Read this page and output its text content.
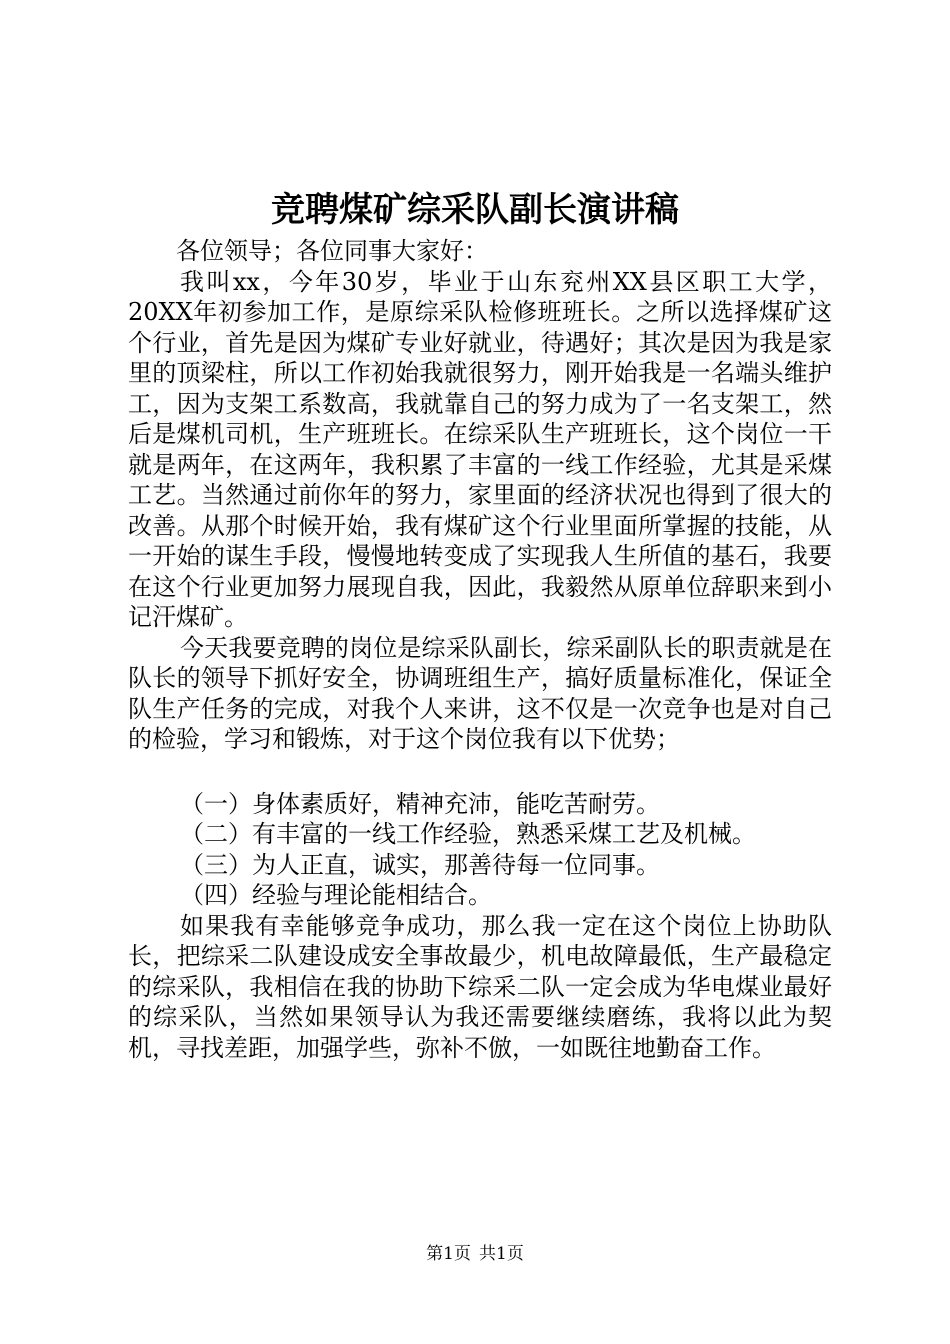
竞聘煤矿综采队副长演讲稿

各位领导；各位同事大家好：

我叫xx，今年30岁，毕业于山东兖州XX县区职工大学，20XX年初参加工作，是原综采队检修班班长。之所以选择煤矿这个行业，首先是因为煤矿专业好就业，待遇好；其次是因为我是家里的顶梁柱，所以工作初始我就很努力，刚开始我是一名端头维护工，因为支架工系数高，我就靠自己的努力成为了一名支架工，然后是煤机司机，生产班班长。在综采队生产班班长，这个岗位一干就是两年，在这两年，我积累了丰富的一线工作经验，尤其是采煤工艺。当然通过前你年的努力，家里面的经济状况也得到了很大的改善。从那个时候开始，我有煤矿这个行业里面所掌握的技能，从一开始的谋生手段，慢慢地转变成了实现我人生所值的基石，我要在这个行业更加努力展现自我，因此，我毅然从原单位辞职来到小记汗煤矿。

今天我要竞聘的岗位是综采队副长，综采副队长的职责就是在队长的领导下抓好安全，协调班组生产，搞好质量标准化，保证全队生产任务的完成，对我个人来讲，这不仅是一次竞争也是对自己的检验，学习和锻炼，对于这个岗位我有以下优势；

（一）身体素质好，精神充沛，能吃苦耐劳。

（二）有丰富的一线工作经验，熟悉采煤工艺及机械。

（三）为人正直，诚实，那善待每一位同事。

（四）经验与理论能相结合。

如果我有幸能够竞争成功，那么我一定在这个岗位上协助队长，把综采二队建设成安全事故最少，机电故障最低，生产最稳定的综采队，我相信在我的协助下综采二队一定会成为华电煤业最好的综采队，当然如果领导认为我还需要继续磨练，我将以此为契机，寻找差距，加强学些，弥补不倣，一如既往地勤奋工作。

第1页 共1页
